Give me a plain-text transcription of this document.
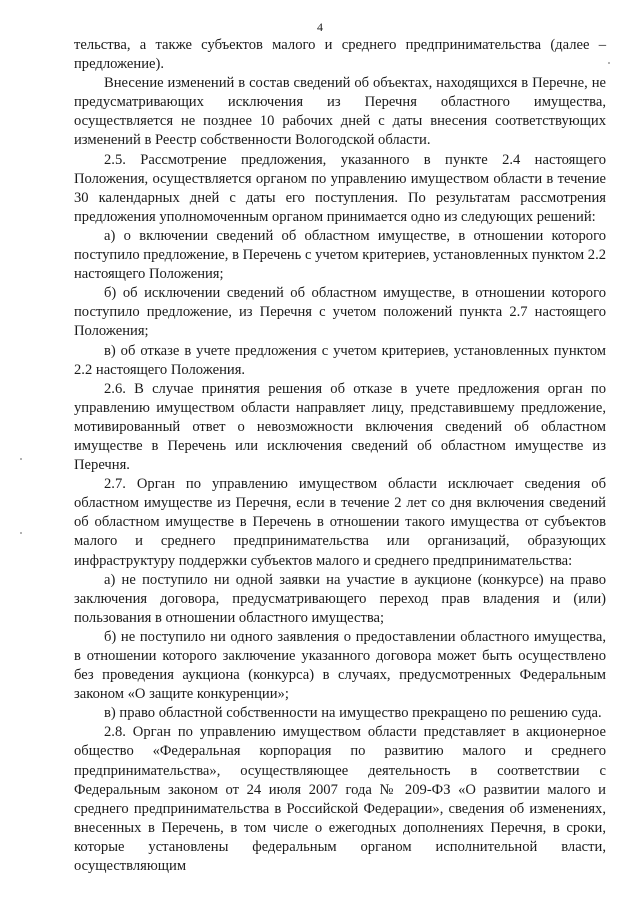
4

тельства, а также субъектов малого и среднего предпринимательства (далее – предложение).

Внесение изменений в состав сведений об объектах, находящихся в Перечне, не предусматривающих исключения из Перечня областного имущества, осуществляется не позднее 10 рабочих дней с даты внесения соответствующих изменений в Реестр собственности Вологодской области.

2.5. Рассмотрение предложения, указанного в пункте 2.4 настоящего Положения, осуществляется органом по управлению имуществом области в течение 30 календарных дней с даты его поступления. По результатам рассмотрения предложения уполномоченным органом принимается одно из следующих решений:

а) о включении сведений об областном имуществе, в отношении которого поступило предложение, в Перечень с учетом критериев, установленных пунктом 2.2 настоящего Положения;

б) об исключении сведений об областном имуществе, в отношении которого поступило предложение, из Перечня с учетом положений пункта 2.7 настоящего Положения;

в) об отказе в учете предложения с учетом критериев, установленных пунктом 2.2 настоящего Положения.

2.6. В случае принятия решения об отказе в учете предложения орган по управлению имуществом области направляет лицу, представившему предложение, мотивированный ответ о невозможности включения сведений об областном имуществе в Перечень или исключения сведений об областном имуществе из Перечня.

2.7. Орган по управлению имуществом области исключает сведения об областном имуществе из Перечня, если в течение 2 лет со дня включения сведений об областном имуществе в Перечень в отношении такого имущества от субъектов малого и среднего предпринимательства или организаций, образующих инфраструктуру поддержки субъектов малого и среднего предпринимательства:

а) не поступило ни одной заявки на участие в аукционе (конкурсе) на право заключения договора, предусматривающего переход прав владения и (или) пользования в отношении областного имущества;

б) не поступило ни одного заявления о предоставлении областного имущества, в отношении которого заключение указанного договора может быть осуществлено без проведения аукциона (конкурса) в случаях, предусмотренных Федеральным законом «О защите конкуренции»;

в) право областной собственности на имущество прекращено по решению суда.

2.8. Орган по управлению имуществом области представляет в акционерное общество «Федеральная корпорация по развитию малого и среднего предпринимательства», осуществляющее деятельность в соответствии с Федеральным законом от 24 июля 2007 года № 209-ФЗ «О развитии малого и среднего предпринимательства в Российской Федерации», сведения об изменениях, внесенных в Перечень, в том числе о ежегодных дополнениях Перечня, в сроки, которые установлены федеральным органом исполнительной власти, осуществляющим
